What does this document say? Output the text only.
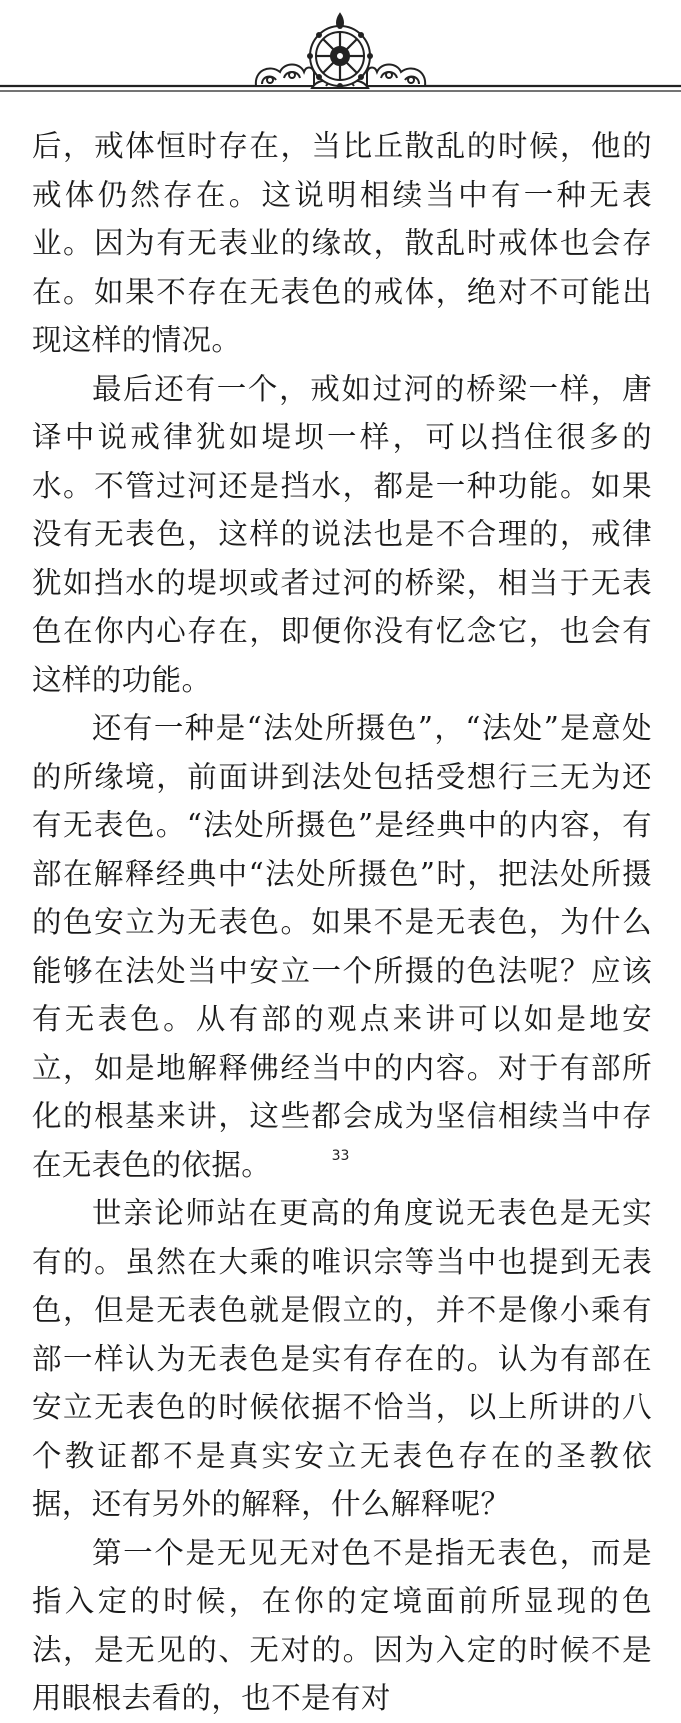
后，戒体恒时存在，当比丘散乱的时候，他的戒体仍然存在。这说明相续当中有一种无表业。因为有无表业的缘故，散乱时戒体也会存在。如果不存在无表色的戒体，绝对不可能出现这样的情况。

最后还有一个，戒如过河的桥梁一样，唐译中说戒律犹如堤坝一样，可以挡住很多的水。不管过河还是挡水，都是一种功能。如果没有无表色，这样的说法也是不合理的，戒律犹如挡水的堤坝或者过河的桥梁，相当于无表色在你内心存在，即便你没有忆念它，也会有这样的功能。

还有一种是“法处所摄色”，“法处”是意处的所缘境，前面讲到法处包括受想行三无为还有无表色。“法处所摄色”是经典中的内容，有部在解释经典中“法处所摄色”时，把法处所摄的色安立为无表色。如果不是无表色，为什么能够在法处当中安立一个所摄的色法呢？应该有无表色。从有部的观点来讲可以如是地安立，如是地解释佛经当中的内容。对于有部所化的根基来讲，这些都会成为坚信相续当中存在无表色的依据。

世亲论师站在更高的角度说无表色是无实有的。虽然在大乘的唯识宗等当中也提到无表色，但是无表色就是假立的，并不是像小乘有部一样认为无表色是实有存在的。认为有部在安立无表色的时候依据不恰当，以上所讲的八个教证都不是真实安立无表色存在的圣教依据，还有另外的解释，什么解释呢？

第一个是无见无对色不是指无表色，而是指入定的时候，在你的定境面前所显现的色法，是无见的、无对的。因为入定的时候不是用眼根去看的，也不是有对

33
